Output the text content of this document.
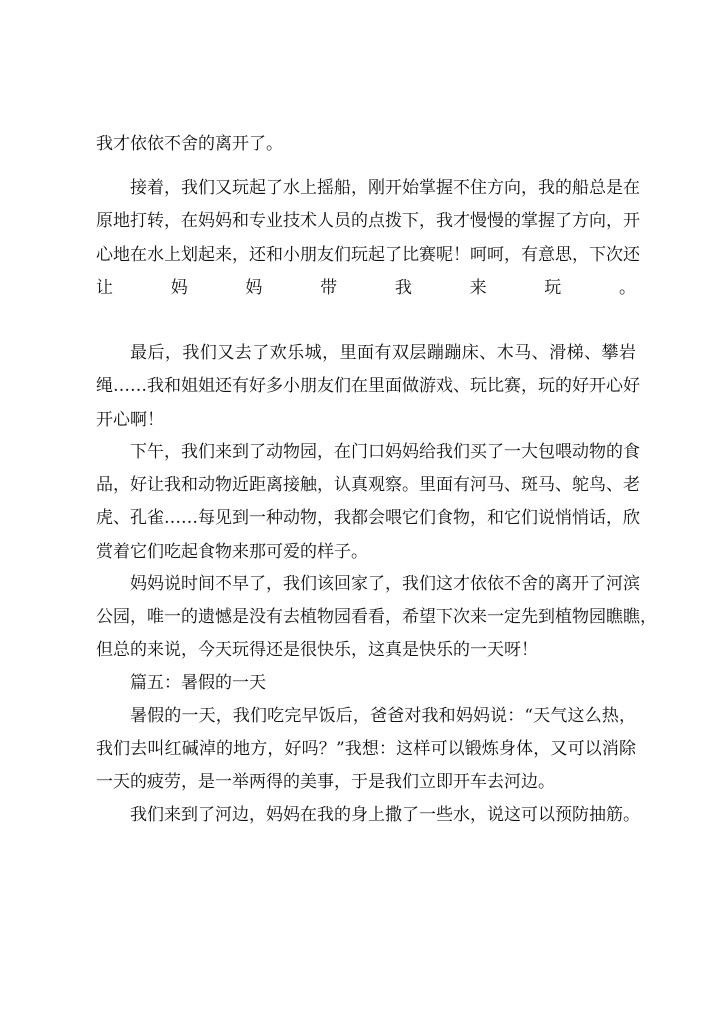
我才依依不舍的离开了。
接着，我们又玩起了水上摇船，刚开始掌握不住方向，我的船总是在
原地打转，在妈妈和专业技术人员的点拨下，我才慢慢的掌握了方向，开
心地在水上划起来，还和小朋友们玩起了比赛呢！呵呵，有意思，下次还
让妈妈带我来玩。
最后，我们又去了欢乐城，里面有双层蹦蹦床、木马、滑梯、攀岩
绳……我和姐姐还有好多小朋友们在里面做游戏、玩比赛，玩的好开心好
开心啊！
下午，我们来到了动物园，在门口妈妈给我们买了一大包喂动物的食
品，好让我和动物近距离接触，认真观察。里面有河马、斑马、鸵鸟、老
虎、孔雀……每见到一种动物，我都会喂它们食物，和它们说悄悄话，欣
赏着它们吃起食物来那可爱的样子。
妈妈说时间不早了，我们该回家了，我们这才依依不舍的离开了河滨
公园，唯一的遗憾是没有去植物园看看，希望下次来一定先到植物园瞧瞧，
但总的来说，今天玩得还是很快乐，这真是快乐的一天呀！
篇五：暑假的一天
暑假的一天，我们吃完早饭后，爸爸对我和妈妈说：“天气这么热，
我们去叫红碱淖的地方，好吗？”我想：这样可以锻炼身体，又可以消除
一天的疲劳，是一举两得的美事，于是我们立即开车去河边。
我们来到了河边，妈妈在我的身上撒了一些水，说这可以预防抽筋。
